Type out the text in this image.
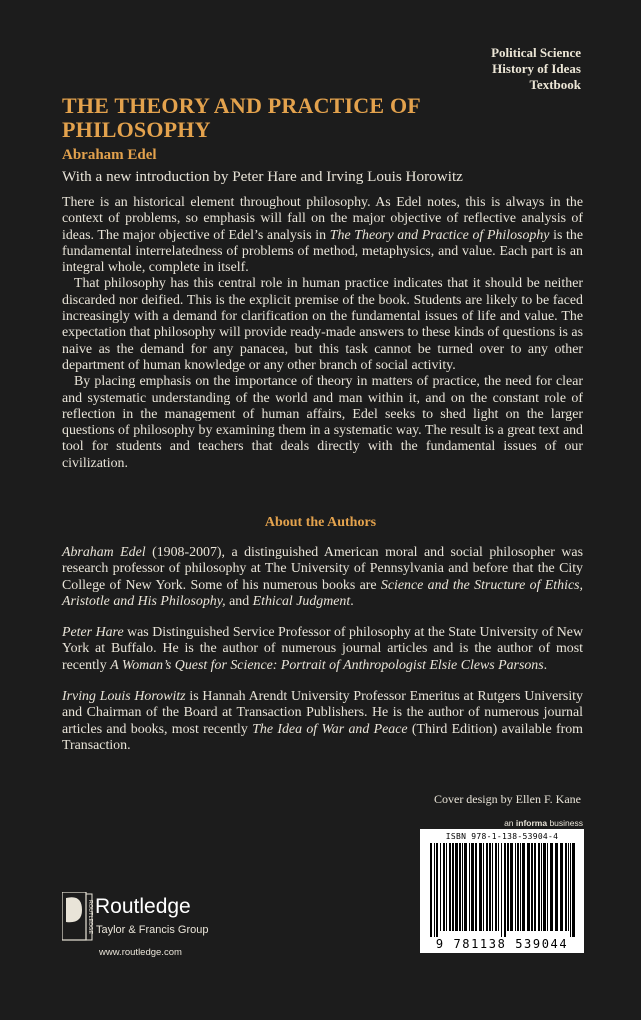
Political Science
History of Ideas
Textbook
THE THEORY AND PRACTICE OF
PHILOSOPHY
Abraham Edel
With a new introduction by Peter Hare and Irving Louis Horowitz

There is an historical element throughout philosophy. As Edel notes, this is always in the context of problems, so emphasis will fall on the major objective of reflective analysis of ideas. The major objective of Edel’s analysis in The Theory and Practice of Philosophy is the fundamental interrelatedness of problems of method, metaphysics, and value. Each part is an integral whole, complete in itself.

That philosophy has this central role in human practice indicates that it should be neither discarded nor deified. This is the explicit premise of the book. Students are likely to be faced increasingly with a demand for clarification on the fundamental issues of life and value. The expectation that philosophy will provide ready-made answers to these kinds of questions is as naive as the demand for any panacea, but this task cannot be turned over to any other department of human knowledge or any other branch of social activity.

By placing emphasis on the importance of theory in matters of practice, the need for clear and systematic understanding of the world and man within it, and on the constant role of reflection in the management of human affairs, Edel seeks to shed light on the larger questions of philosophy by examining them in a systematic way. The result is a great text and tool for students and teachers that deals directly with the fundamental issues of our civilization.

About the Authors

Abraham Edel (1908-2007), a distinguished American moral and social philosopher was research professor of philosophy at The University of Pennsylvania and before that the City College of New York. Some of his numerous books are Science and the Structure of Ethics, Aristotle and His Philosophy, and Ethical Judgment.

Peter Hare was Distinguished Service Professor of philosophy at the State University of New York at Buffalo. He is the author of numerous journal articles and is the author of most recently A Woman’s Quest for Science: Portrait of Anthropologist Elsie Clews Parsons.

Irving Louis Horowitz is Hannah Arendt University Professor Emeritus at Rutgers University and Chairman of the Board at Transaction Publishers. He is the author of numerous journal articles and books, most recently The Idea of War and Peace (Third Edition) available from Transaction.

Cover design by Ellen F. Kane
an informa business
ISBN 978-1-138-53904-4
9 781138 539044
ROUTLEDGE Routledge
Taylor & Francis Group
www.routledge.com
